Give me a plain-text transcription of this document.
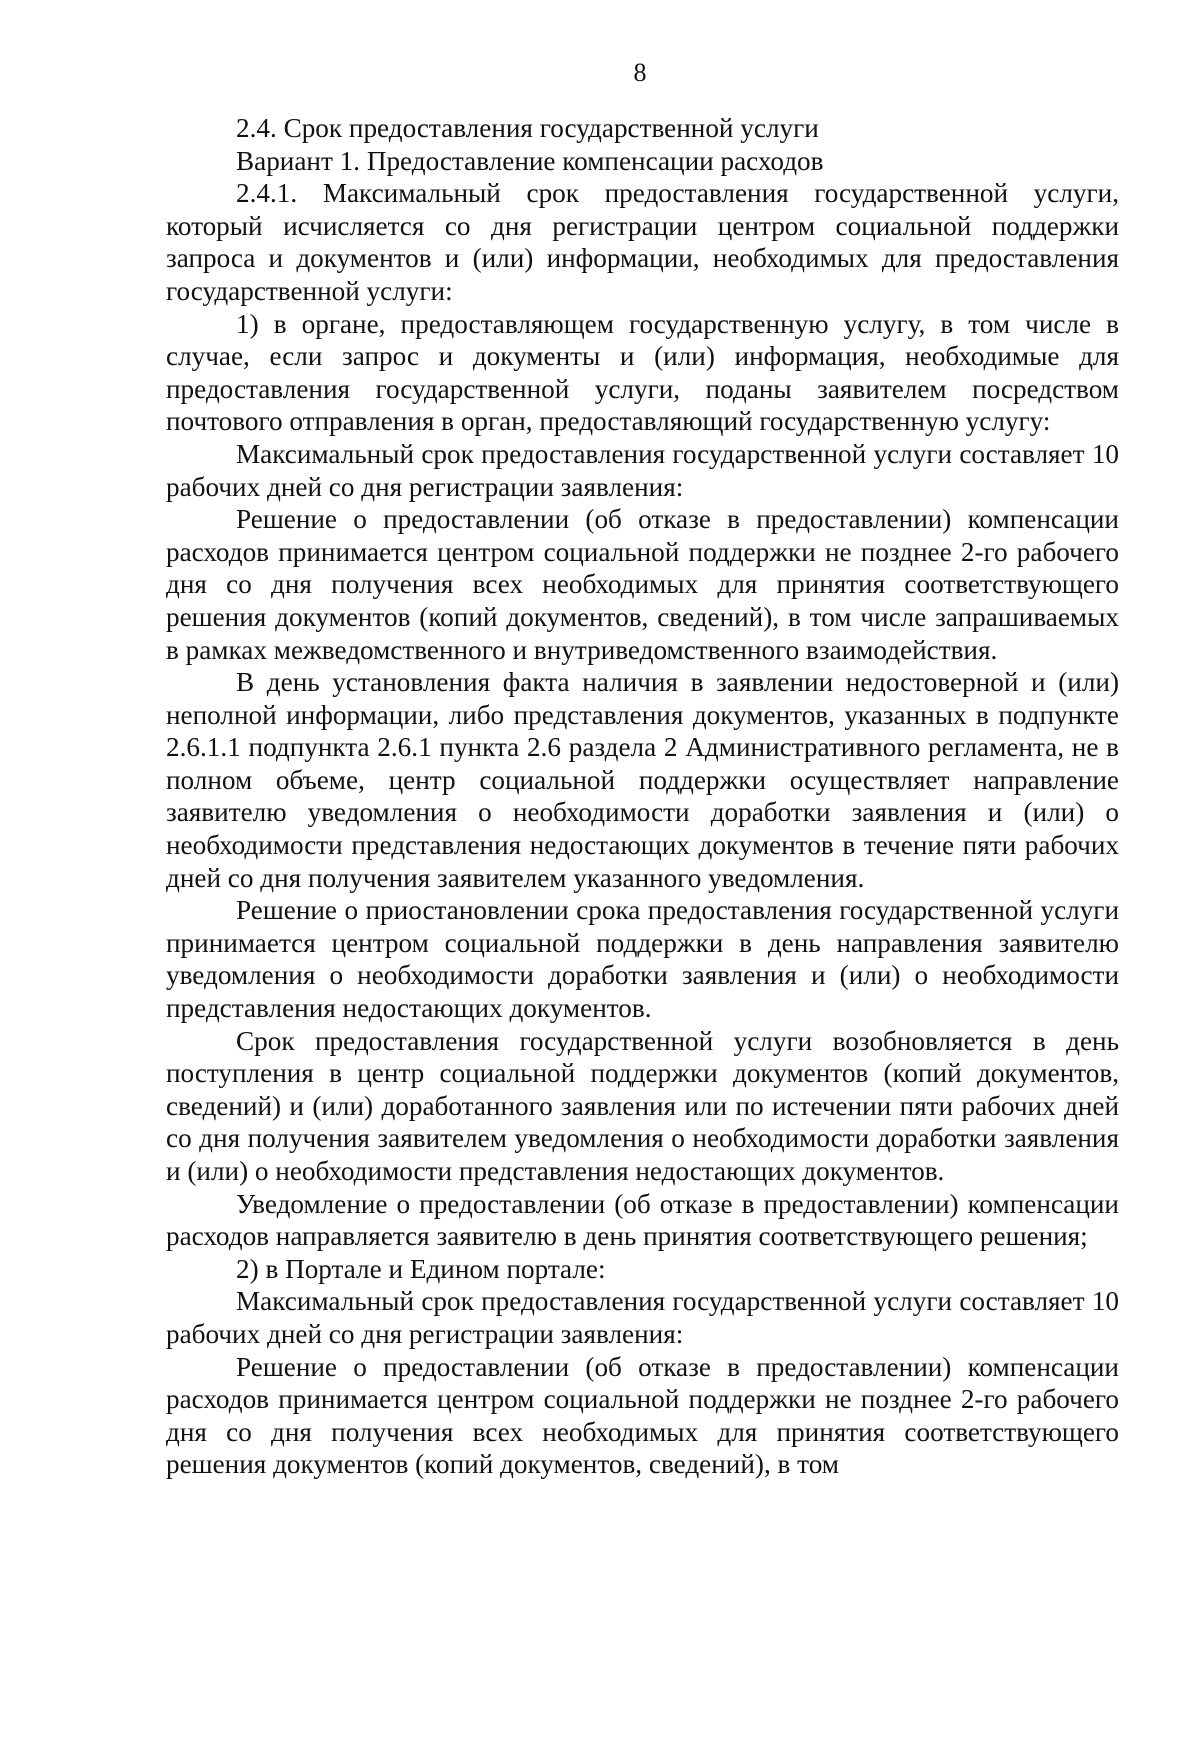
8

2.4. Срок предоставления государственной услуги

Вариант 1. Предоставление компенсации расходов

2.4.1. Максимальный срок предоставления государственной услуги, который исчисляется со дня регистрации центром социальной поддержки запроса и документов и (или) информации, необходимых для предоставления государственной услуги:

1) в органе, предоставляющем государственную услугу, в том числе в случае, если запрос и документы и (или) информация, необходимые для предоставления государственной услуги, поданы заявителем посредством почтового отправления в орган, предоставляющий государственную услугу:

Максимальный срок предоставления государственной услуги составляет 10 рабочих дней со дня регистрации заявления:

Решение о предоставлении (об отказе в предоставлении) компенсации расходов принимается центром социальной поддержки не позднее 2-го рабочего дня со дня получения всех необходимых для принятия соответствующего решения документов (копий документов, сведений), в том числе запрашиваемых в рамках межведомственного и внутриведомственного взаимодействия.

В день установления факта наличия в заявлении недостоверной и (или) неполной информации, либо представления документов, указанных в подпункте 2.6.1.1 подпункта 2.6.1 пункта 2.6 раздела 2 Административного регламента, не в полном объеме, центр социальной поддержки осуществляет направление заявителю уведомления о необходимости доработки заявления и (или) о необходимости представления недостающих документов в течение пяти рабочих дней со дня получения заявителем указанного уведомления.

Решение о приостановлении срока предоставления государственной услуги принимается центром социальной поддержки в день направления заявителю уведомления о необходимости доработки заявления и (или) о необходимости представления недостающих документов.

Срок предоставления государственной услуги возобновляется в день поступления в центр социальной поддержки документов (копий документов, сведений) и (или) доработанного заявления или по истечении пяти рабочих дней со дня получения заявителем уведомления о необходимости доработки заявления и (или) о необходимости представления недостающих документов.

Уведомление о предоставлении (об отказе в предоставлении) компенсации расходов направляется заявителю в день принятия соответствующего решения;

2) в Портале и Едином портале:

Максимальный срок предоставления государственной услуги составляет 10 рабочих дней со дня регистрации заявления:

Решение о предоставлении (об отказе в предоставлении) компенсации расходов принимается центром социальной поддержки не позднее 2-го рабочего дня со дня получения всех необходимых для принятия соответствующего решения документов (копий документов, сведений), в том
